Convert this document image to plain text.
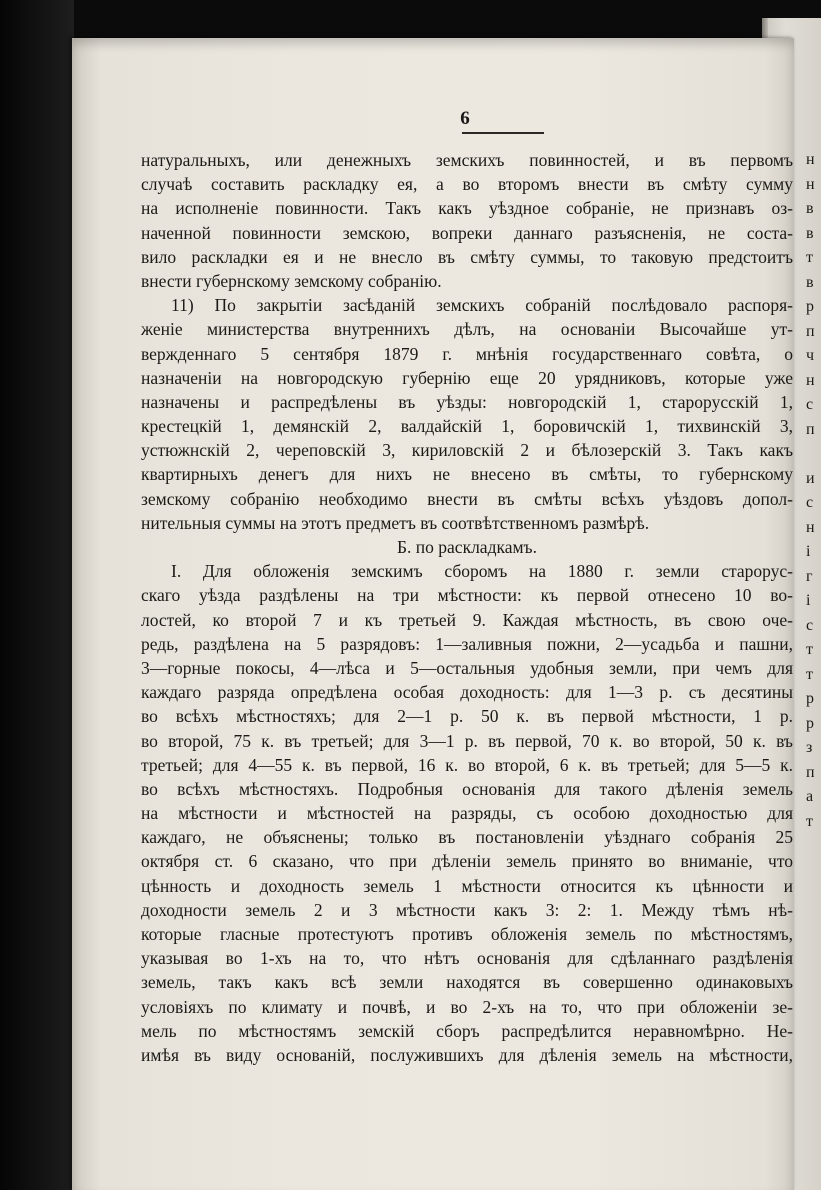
н
н
в
в
т
в
р
п
ч
н
с
п
и
с
н
і
г
і
с
т
т
р
р
з
п
а
т
6
натуральныхъ, или денежныхъ земскихъ повинностей, и въ первомъ
случаѣ составить раскладку ея, а во второмъ внести въ смѣту сумму
на исполненіе повинности. Такъ какъ уѣздное собраніе, не признавъ оз-
наченной повинности земскою, вопреки даннаго разъясненія, не соста-
вило раскладки ея и не внесло въ смѣту суммы, то таковую предстоитъ
внести губернскому земскому собранію.
11) По закрытіи засѣданій земскихъ собраній послѣдовало распоря-
женіе министерства внутреннихъ дѣлъ, на основаніи Высочайше ут-
вержденнаго 5 сентября 1879 г. мнѣнія государственнаго совѣта, о
назначеніи на новгородскую губернію еще 20 урядниковъ, которые уже
назначены и распредѣлены въ уѣзды: новгородскій 1, старорусскій 1,
крестецкій 1, демянскій 2, валдайскій 1, боровичскій 1, тихвинскій 3,
устюжнскій 2, череповскій 3, кириловскій 2 и бѣлозерскій 3. Такъ какъ
квартирныхъ денегъ для нихъ не внесено въ смѣты, то губернскому
земскому собранію необходимо внести въ смѣты всѣхъ уѣздовъ допол-
нительныя суммы на этотъ предметъ въ соотвѣтственномъ размѣрѣ.
Б. по раскладкамъ.
I. Для обложенія земскимъ сборомъ на 1880 г. земли старорус-
скаго уѣзда раздѣлены на три мѣстности: къ первой отнесено 10 во-
лостей, ко второй 7 и къ третьей 9. Каждая мѣстность, въ свою оче-
редь, раздѣлена на 5 разрядовъ: 1—заливныя пожни, 2—усадьба и пашни,
3—горные покосы, 4—лѣса и 5—остальныя удобныя земли, при чемъ для
каждаго разряда опредѣлена особая доходность: для 1—3 р. съ десятины
во всѣхъ мѣстностяхъ; для 2—1 р. 50 к. въ первой мѣстности, 1 р.
во второй, 75 к. въ третьей; для 3—1 р. въ первой, 70 к. во второй, 50 к. въ
третьей; для 4—55 к. въ первой, 16 к. во второй, 6 к. въ третьей; для 5—5 к.
во всѣхъ мѣстностяхъ. Подробныя основанія для такого дѣленія земель
на мѣстности и мѣстностей на разряды, съ особою доходностью для
каждаго, не объяснены; только въ постановленіи уѣзднаго собранія 25
октября ст. 6 сказано, что при дѣленіи земель принято во вниманіе, что
цѣнность и доходность земель 1 мѣстности относится къ цѣнности и
доходности земель 2 и 3 мѣстности какъ 3: 2: 1. Между тѣмъ нѣ-
которые гласные протестуютъ противъ обложенія земель по мѣстностямъ,
указывая во 1-хъ на то, что нѣтъ основанія для сдѣланнаго раздѣленія
земель, такъ какъ всѣ земли находятся въ совершенно одинаковыхъ
условіяхъ по климату и почвѣ, и во 2-хъ на то, что при обложеніи зе-
мель по мѣстностямъ земскій сборъ распредѣлится неравномѣрно. Не-
имѣя въ виду основаній, послужившихъ для дѣленія земель на мѣстности,
